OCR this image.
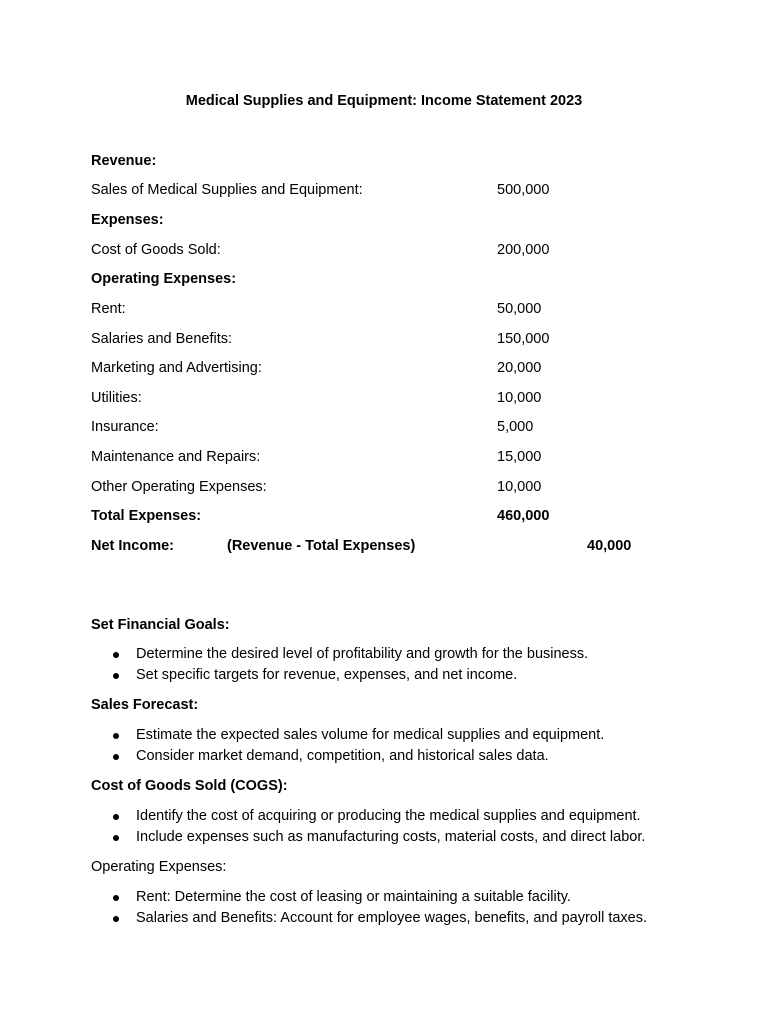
Medical Supplies and Equipment: Income Statement 2023
Revenue:
Sales of Medical Supplies and Equipment:	500,000
Expenses:
Cost of Goods Sold:	200,000
Operating Expenses:
Rent:	50,000
Salaries and Benefits:	150,000
Marketing and Advertising:	20,000
Utilities:	10,000
Insurance:	5,000
Maintenance and Repairs:	15,000
Other Operating Expenses:	10,000
Total Expenses:	460,000
Net Income:	(Revenue - Total Expenses)	40,000
Set Financial Goals:
Determine the desired level of profitability and growth for the business.
Set specific targets for revenue, expenses, and net income.
Sales Forecast:
Estimate the expected sales volume for medical supplies and equipment.
Consider market demand, competition, and historical sales data.
Cost of Goods Sold (COGS):
Identify the cost of acquiring or producing the medical supplies and equipment.
Include expenses such as manufacturing costs, material costs, and direct labor.
Operating Expenses:
Rent: Determine the cost of leasing or maintaining a suitable facility.
Salaries and Benefits: Account for employee wages, benefits, and payroll taxes.
